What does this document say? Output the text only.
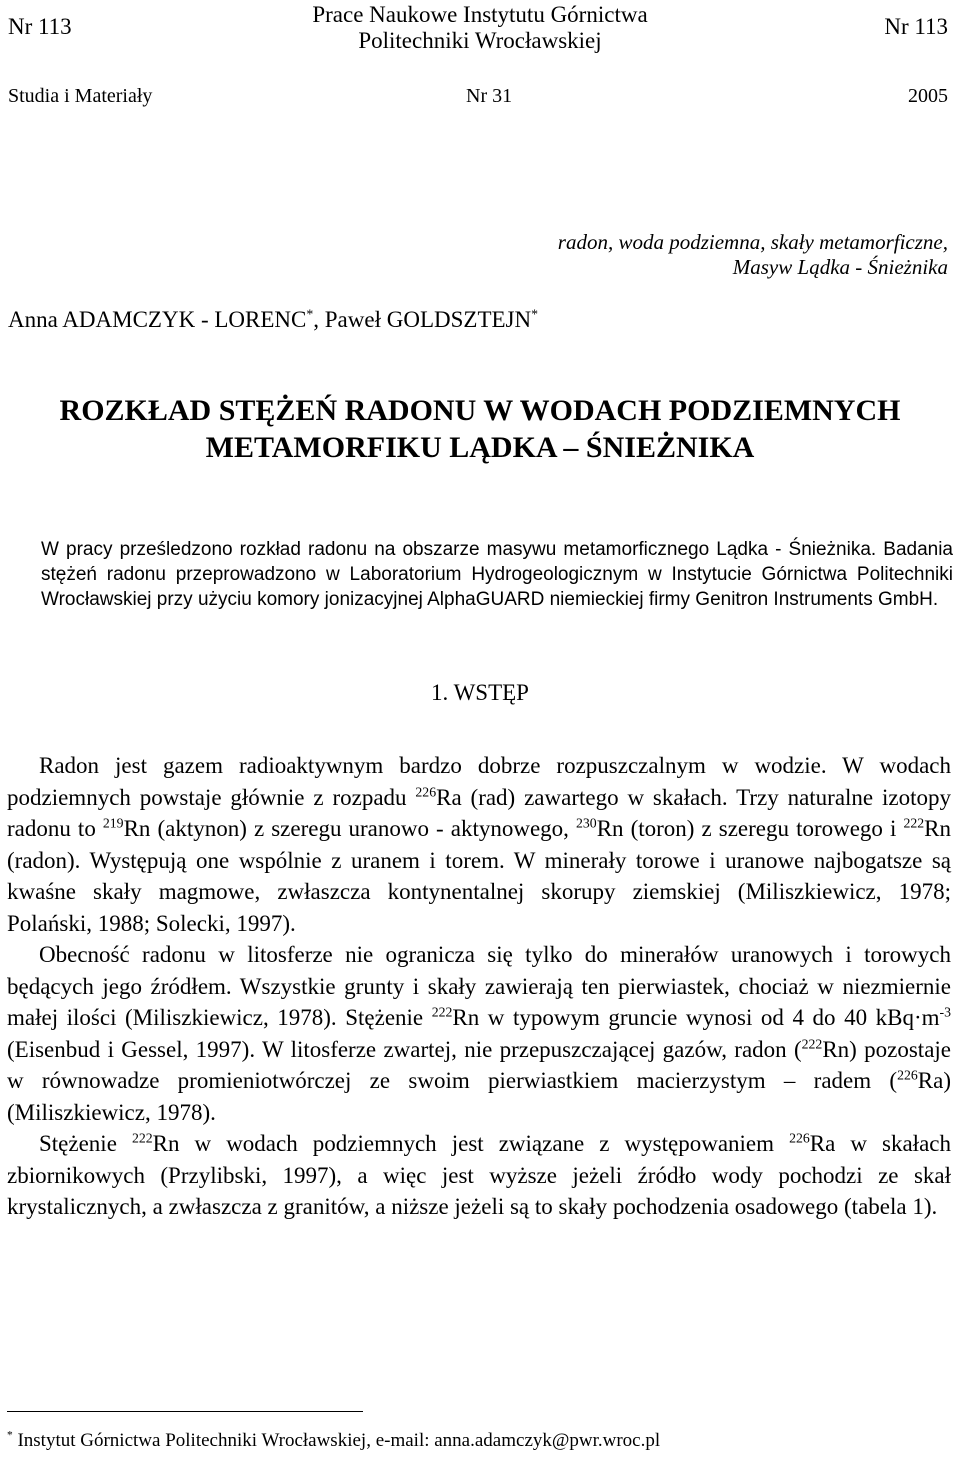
Nr 113	Prace Naukowe Instytutu Górnictwa
Politechniki Wrocławskiej
Nr 113
Studia i Materiały	Nr 31	2005
radon, woda podziemna, skały metamorficzne,
Masyw Lądka - Śnieżnika
Anna ADAMCZYK - LORENC*, Paweł GOLDSZTEJN*
ROZKŁAD STĘŻEŃ RADONU W WODACH PODZIEMNYCH
METAMORFIKU LĄDKA – ŚNIEŻNIKA

W pracy prześledzono rozkład radonu na obszarze masywu metamorficznego Lądka - Śnieżnika. Badania stężeń radonu przeprowadzono w Laboratorium Hydrogeologicznym w Instytucie Górnictwa Politechniki Wrocławskiej przy użyciu komory jonizacyjnej AlphaGUARD niemieckiej firmy Genitron Instruments GmbH.

1. WSTĘP

Radon jest gazem radioaktywnym bardzo dobrze rozpuszczalnym w wodzie. W wodach podziemnych powstaje głównie z rozpadu $^{226}$Ra (rad) zawartego w skałach. Trzy naturalne izotopy radonu to $^{219}$Rn (aktynon) z szeregu uranowo - aktynowego, $^{230}$Rn (toron) z szeregu torowego i $^{222}$Rn (radon). Występują one wspólnie z uranem i torem. W minerały torowe i uranowe najbogatsze są kwaśne skały magmowe, zwłaszcza kontynentalnej skorupy ziemskiej (Miliszkiewicz, 1978; Polański, 1988; Solecki, 1997).

Obecność radonu w litosferze nie ogranicza się tylko do minerałów uranowych i torowych będących jego źródłem. Wszystkie grunty i skały zawierają ten pierwiastek, chociaż w niezmiernie małej ilości (Miliszkiewicz, 1978). Stężenie $^{222}$Rn w typowym gruncie wynosi od 4 do 40 $kBq\cdot m^{-3}$ (Eisenbud i Gessel, 1997). W litosferze zwartej, nie przepuszczającej gazów, radon ($^{222}$Rn) pozostaje w równowadze promieniotwórczej ze swoim pierwiastkiem macierzystym – radem ($^{226}$Ra) (Miliszkiewicz, 1978).

Stężenie $^{222}$Rn w wodach podziemnych jest związane z występowaniem $^{226}$Ra w skałach zbiornikowych (Przylibski, 1997), a więc jest wyższe jeżeli źródło wody pochodzi ze skał krystalicznych, a zwłaszcza z granitów, a niższe jeżeli są to skały pochodzenia osadowego (tabela 1).

* Instytut Górnictwa Politechniki Wrocławskiej, e-mail: anna.adamczyk@pwr.wroc.pl
